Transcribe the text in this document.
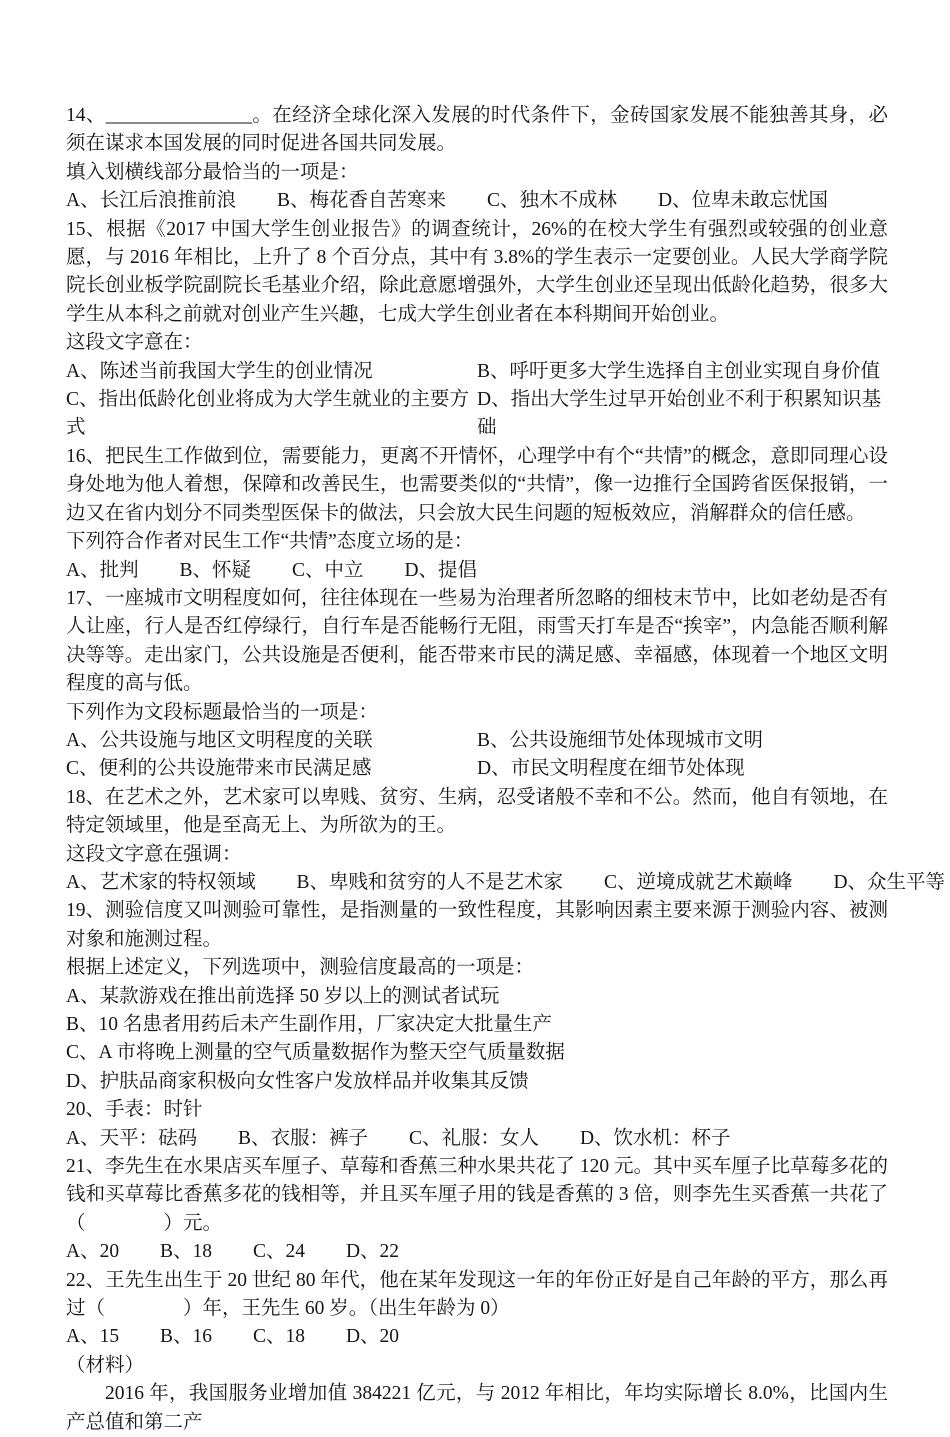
14、_______________。在经济全球化深入发展的时代条件下，金砖国家发展不能独善其身，必须在谋求本国发展的同时促进各国共同发展。

填入划横线部分最恰当的一项是：

A、长江后浪推前浪 B、梅花香自苦寒来 C、独木不成林 D、位卑未敢忘忧国

15、根据《2017 中国大学生创业报告》的调查统计，26%的在校大学生有强烈或较强的创业意愿，与 2016 年相比，上升了 8 个百分点，其中有 3.8%的学生表示一定要创业。人民大学商学院院长创业板学院副院长毛基业介绍，除此意愿增强外，大学生创业还呈现出低龄化趋势，很多大学生从本科之前就对创业产生兴趣，七成大学生创业者在本科期间开始创业。

这段文字意在：

A、陈述当前我国大学生的创业情况	B、呼吁更多大学生选择自主创业实现自身价值
C、指出低龄化创业将成为大学生就业的主要方式
D、指出大学生过早开始创业不利于积累知识基础

16、把民生工作做到位，需要能力，更离不开情怀，心理学中有个“共情”的概念，意即同理心设身处地为他人着想，保障和改善民生，也需要类似的“共情”，像一边推行全国跨省医保报销，一边又在省内划分不同类型医保卡的做法，只会放大民生问题的短板效应，消解群众的信任感。

下列符合作者对民生工作“共情”态度立场的是：

A、批判 B、怀疑 C、中立 D、提倡

17、一座城市文明程度如何，往往体现在一些易为治理者所忽略的细枝末节中，比如老幼是否有人让座，行人是否红停绿行，自行车是否能畅行无阻，雨雪天打车是否“挨宰”，内急能否顺利解决等等。走出家门，公共设施是否便利，能否带来市民的满足感、幸福感，体现着一个地区文明程度的高与低。

下列作为文段标题最恰当的一项是：

A、公共设施与地区文明程度的关联	B、公共设施细节处体现城市文明
C、便利的公共设施带来市民满足感	D、市民文明程度在细节处体现

18、在艺术之外，艺术家可以卑贱、贫穷、生病，忍受诸般不幸和不公。然而，他自有领地，在特定领域里，他是至高无上、为所欲为的王。

这段文字意在强调：

A、艺术家的特权领域 B、卑贱和贫穷的人不是艺术家 C、逆境成就艺术巅峰 D、众生平等

19、测验信度又叫测验可靠性，是指测量的一致性程度，其影响因素主要来源于测验内容、被测对象和施测过程。

根据上述定义，下列选项中，测验信度最高的一项是：

A、某款游戏在推出前选择 50 岁以上的测试者试玩
B、10 名患者用药后未产生副作用，厂家决定大批量生产
C、A 市将晚上测量的空气质量数据作为整天空气质量数据
D、护肤品商家积极向女性客户发放样品并收集其反馈

20、手表：时针

A、天平：砝码 B、衣服：裤子 C、礼服：女人 D、饮水机：杯子

21、李先生在水果店买车厘子、草莓和香蕉三种水果共花了 120 元。其中买车厘子比草莓多花的钱和买草莓比香蕉多花的钱相等，并且买车厘子用的钱是香蕉的 3 倍，则李先生买香蕉一共花了（　　　　）元。

A、20 B、18 C、24 D、22

22、王先生出生于 20 世纪 80 年代，他在某年发现这一年的年份正好是自己年龄的平方，那么再过（　　　　）年，王先生 60 岁。（出生年龄为 0）

A、15 B、16 C、18 D、20

（材料）

2016 年，我国服务业增加值 384221 亿元，与 2012 年相比，年均实际增长 8.0%，比国内生产总值和第二产
